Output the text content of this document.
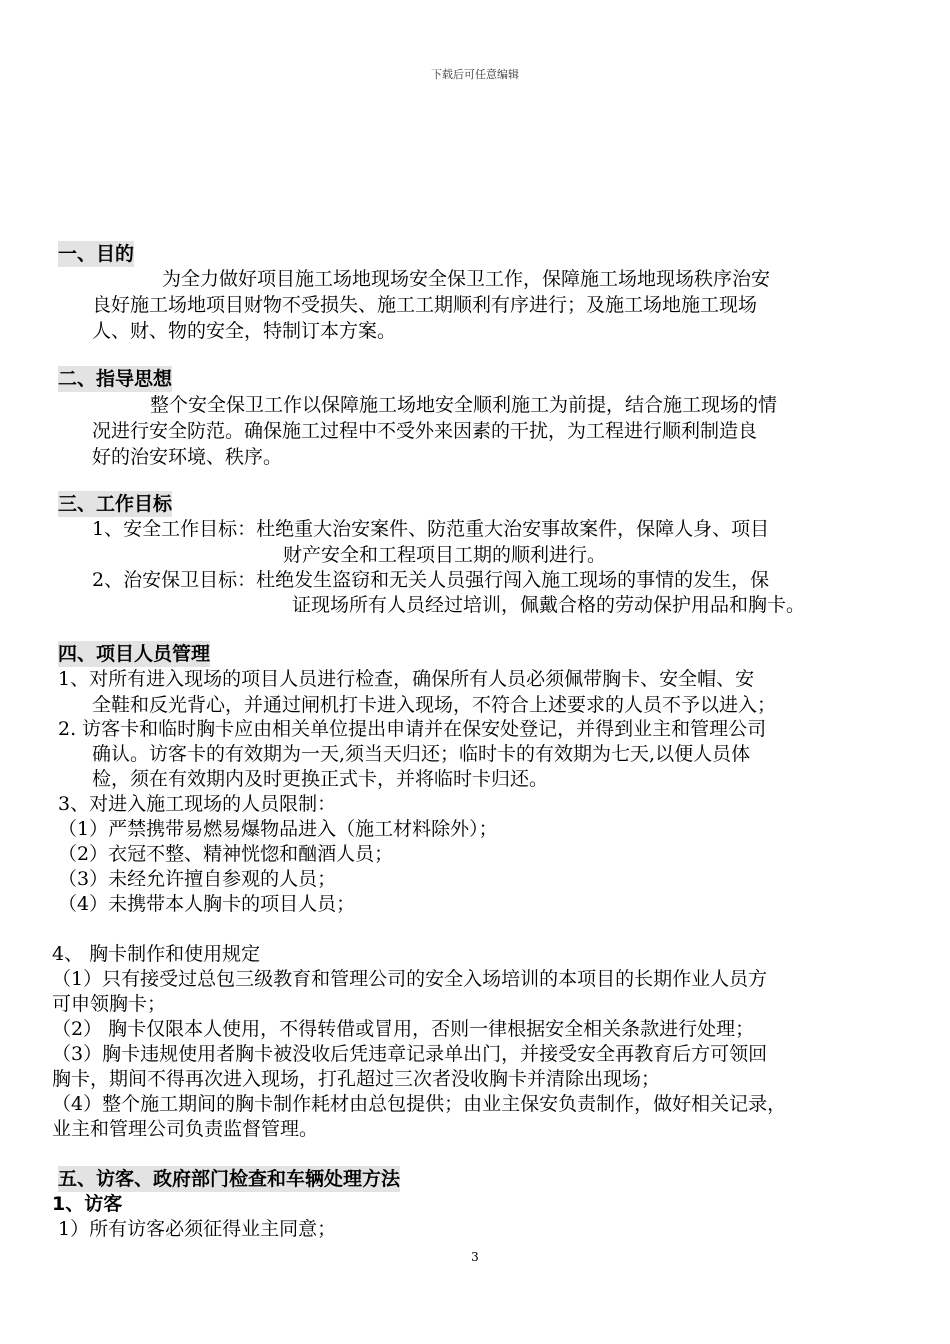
下载后可任意编辑
一、目的
为全力做好项目施工场地现场安全保卫工作，保障施工场地现场秩序治安
良好施工场地项目财物不受损失、施工工期顺利有序进行；及施工场地施工现场
人、财、物的安全，特制订本方案。
二、指导思想
整个安全保卫工作以保障施工场地安全顺利施工为前提，结合施工现场的情
况进行安全防范。确保施工过程中不受外来因素的干扰，为工程进行顺利制造良
好的治安环境、秩序。
三、工作目标
1、安全工作目标：杜绝重大治安案件、防范重大治安事故案件，保障人身、项目
财产安全和工程项目工期的顺利进行。
2、治安保卫目标：杜绝发生盗窃和无关人员强行闯入施工现场的事情的发生，保
证现场所有人员经过培训，佩戴合格的劳动保护用品和胸卡。
四、项目人员管理
1、对所有进入现场的项目人员进行检查，确保所有人员必须佩带胸卡、安全帽、安
全鞋和反光背心，并通过闸机打卡进入现场，不符合上述要求的人员不予以进入；
2. 访客卡和临时胸卡应由相关单位提出申请并在保安处登记，并得到业主和管理公司
确认。访客卡的有效期为一天,须当天归还；临时卡的有效期为七天,以便人员体
检，须在有效期内及时更换正式卡，并将临时卡归还。
3、对进入施工现场的人员限制：
（1）严禁携带易燃易爆物品进入（施工材料除外）；
（2）衣冠不整、精神恍惚和酗酒人员；
（3）未经允许擅自参观的人员；
（4）未携带本人胸卡的项目人员；
4、 胸卡制作和使用规定
（1）只有接受过总包三级教育和管理公司的安全入场培训的本项目的长期作业人员方
可申领胸卡；
（2） 胸卡仅限本人使用，不得转借或冒用，否则一律根据安全相关条款进行处理；
（3）胸卡违规使用者胸卡被没收后凭违章记录单出门，并接受安全再教育后方可领回
胸卡，期间不得再次进入现场，打孔超过三次者没收胸卡并清除出现场；
（4）整个施工期间的胸卡制作耗材由总包提供；由业主保安负责制作，做好相关记录，
业主和管理公司负责监督管理。
五、访客、政府部门检查和车辆处理方法
1、访客
1）所有访客必须征得业主同意；
3
